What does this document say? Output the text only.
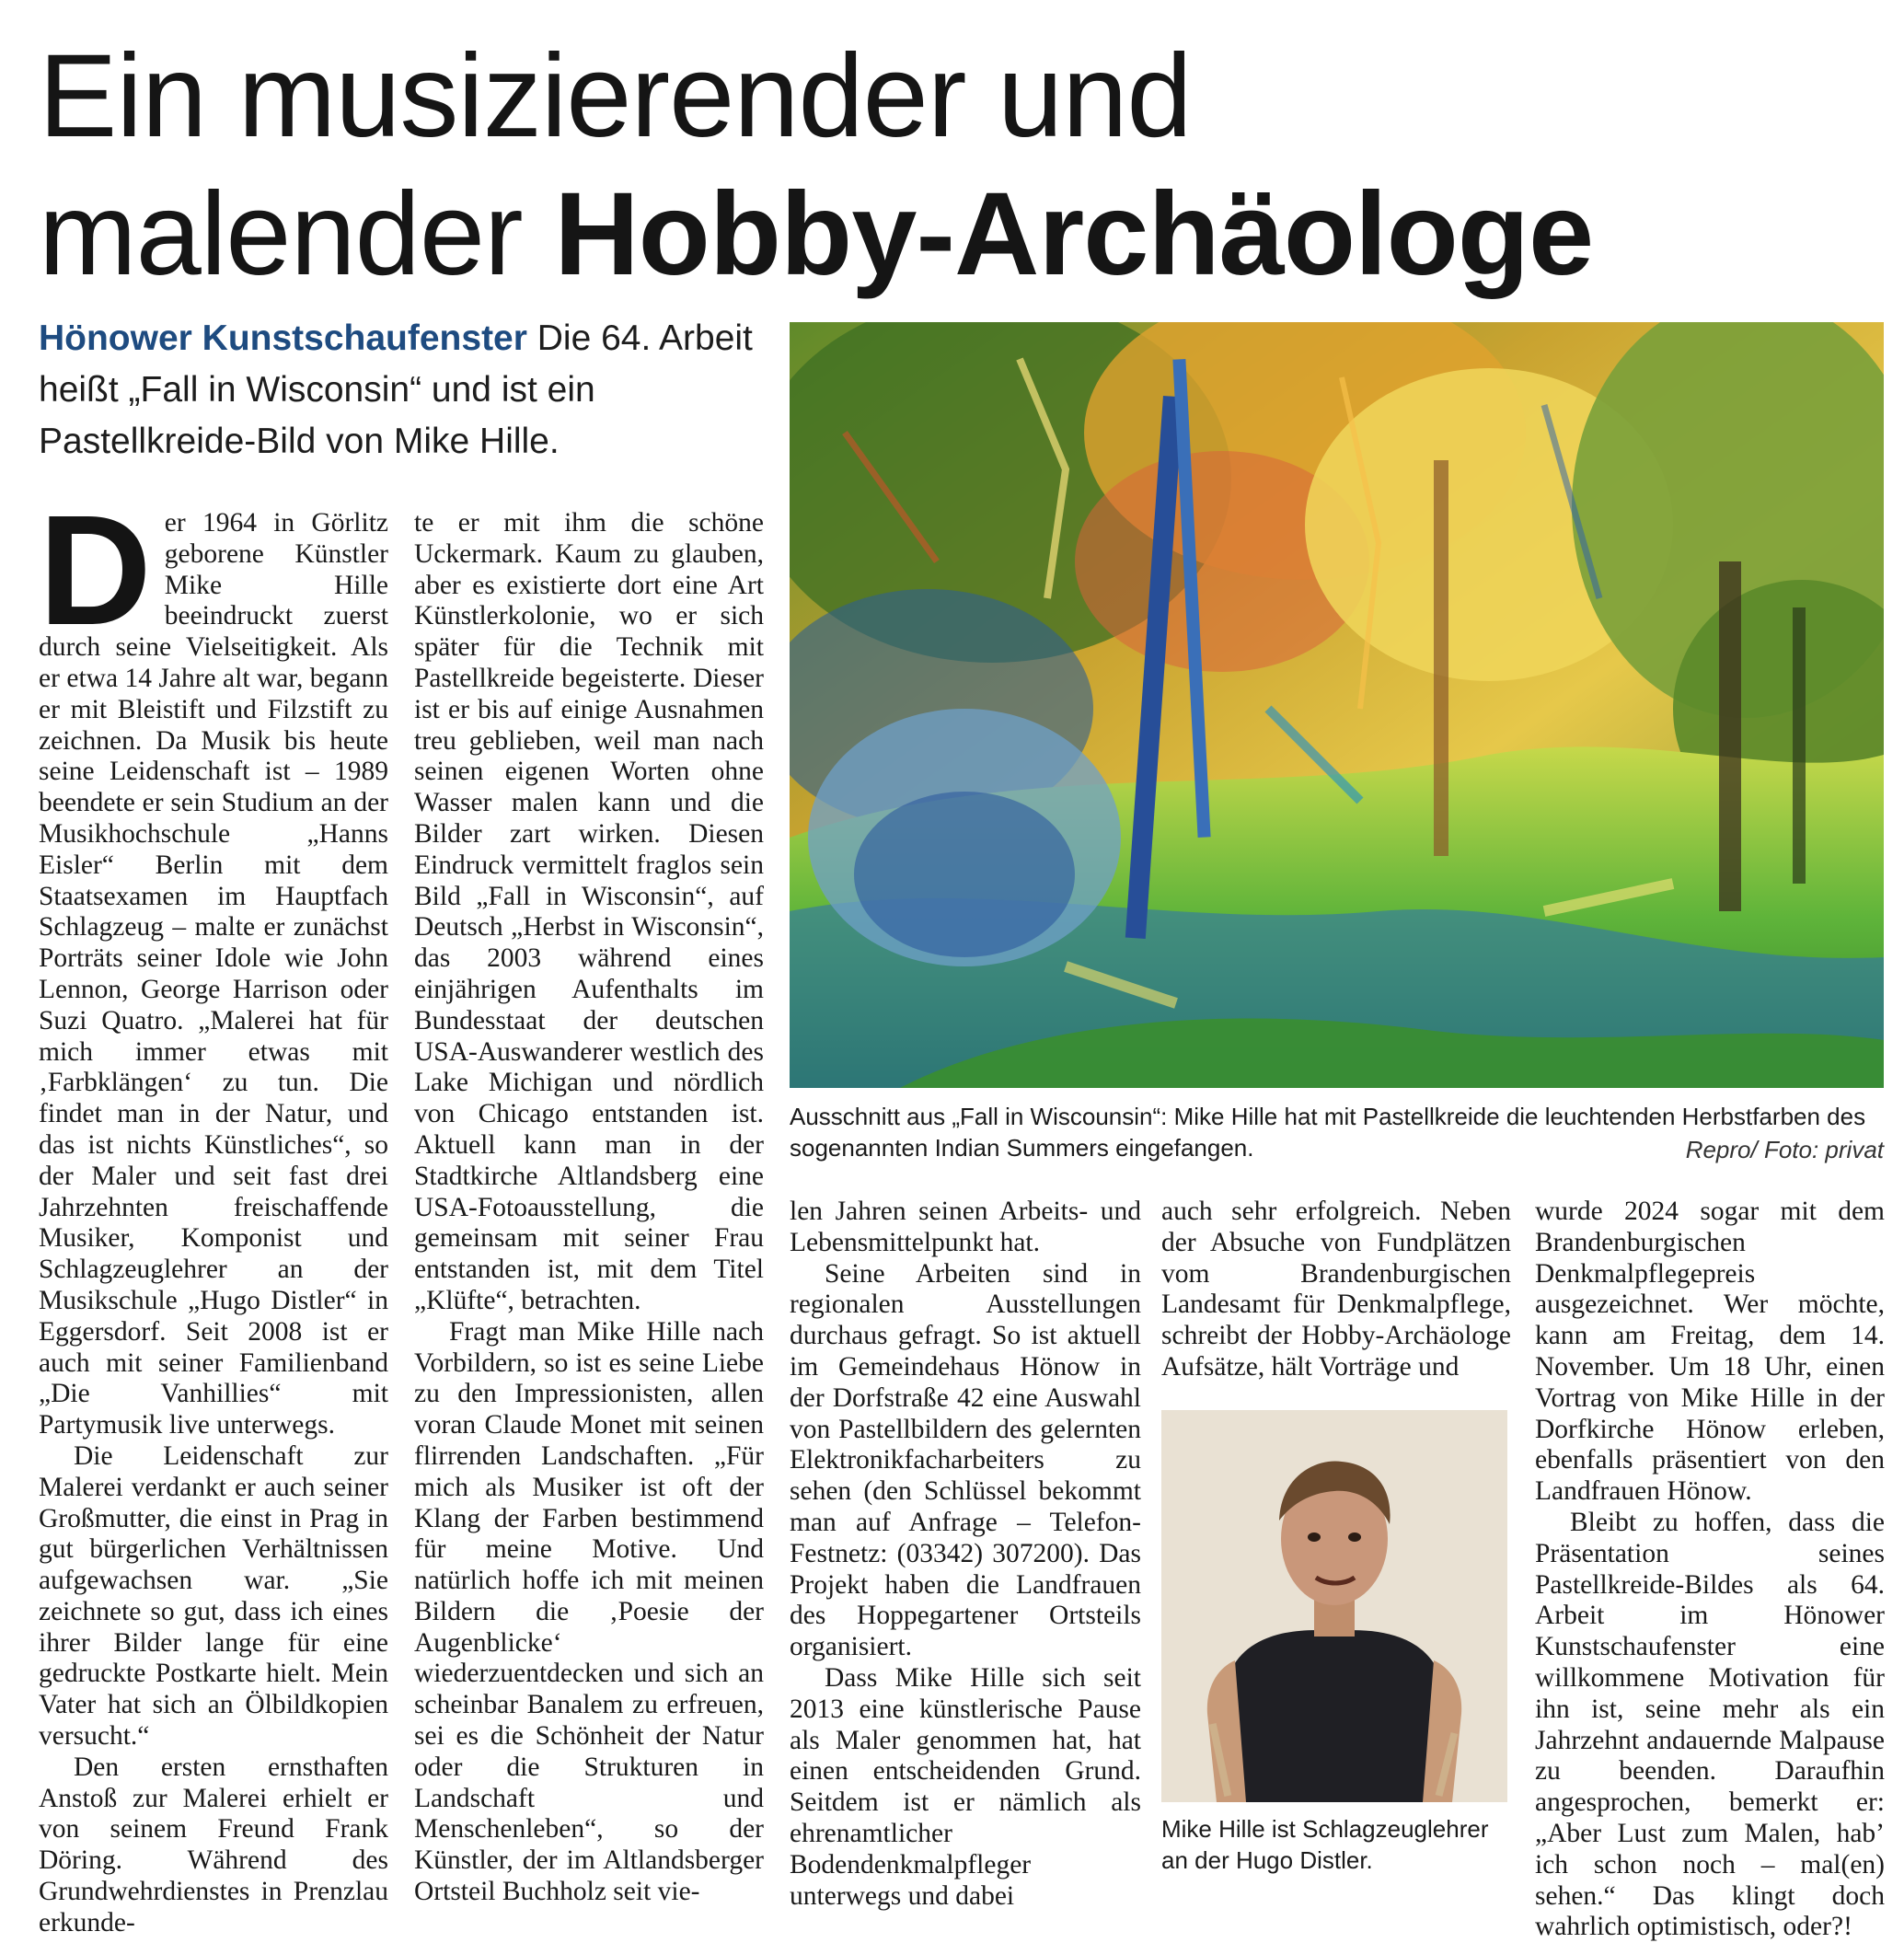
Ein musizierender und
malender Hobby-Archäologe

Hönower Kunstschaufenster Die 64. Arbeit heißt „Fall in Wisconsin“ und ist ein Pastellkreide-Bild von Mike Hille.

Ausschnitt aus „Fall in Wiscounsin“: Mike Hille hat mit Pastellkreide die leuchtenden Herbstfarben des sogenannten Indian Summers eingefangen.	Repro/ Foto: privat
Mike Hille ist Schlagzeuglehrer an der Hugo Distler.

Der 1964 in Görlitz geborene Künstler Mike Hille beeindruckt zuerst durch seine Vielseitigkeit. Als er etwa 14 Jahre alt war, begann er mit Bleistift und Filzstift zu zeichnen. Da Musik bis heute seine Leidenschaft ist – 1989 beendete er sein Studium an der Musikhochschule „Hanns Eisler“ Berlin mit dem Staatsexamen im Hauptfach Schlagzeug – malte er zunächst Porträts seiner Idole wie John Lennon, George Harrison oder Suzi Quatro. „Malerei hat für mich immer etwas mit ‚Farbklängen‘ zu tun. Die findet man in der Natur, und das ist nichts Künstliches“, so der Maler und seit fast drei Jahrzehnten freischaffende Musiker, Komponist und Schlagzeuglehrer an der Musikschule „Hugo Distler“ in Eggersdorf. Seit 2008 ist er auch mit seiner Familienband „Die Vanhillies“ mit Partymusik live unterwegs.

Die Leidenschaft zur Malerei verdankt er auch seiner Großmutter, die einst in Prag in gut bürgerlichen Verhältnissen aufgewachsen war. „Sie zeichnete so gut, dass ich eines ihrer Bilder lange für eine gedruckte Postkarte hielt. Mein Vater hat sich an Ölbildkopien versucht.“

Den ersten ernsthaften Anstoß zur Malerei erhielt er von seinem Freund Frank Döring. Während des Grundwehrdienstes in Prenzlau erkunde-

te er mit ihm die schöne Uckermark. Kaum zu glauben, aber es existierte dort eine Art Künstlerkolonie, wo er sich später für die Technik mit Pastellkreide begeisterte. Dieser ist er bis auf einige Ausnahmen treu geblieben, weil man nach seinen eigenen Worten ohne Wasser malen kann und die Bilder zart wirken. Diesen Eindruck vermittelt fraglos sein Bild „Fall in Wisconsin“, auf Deutsch „Herbst in Wisconsin“, das 2003 während eines einjährigen Aufenthalts im Bundesstaat der deutschen USA-Auswanderer westlich des Lake Michigan und nördlich von Chicago entstanden ist. Aktuell kann man in der Stadtkirche Altlandsberg eine USA-Fotoausstellung, die gemeinsam mit seiner Frau entstanden ist, mit dem Titel „Klüfte“, betrachten.

Fragt man Mike Hille nach Vorbildern, so ist es seine Liebe zu den Impressionisten, allen voran Claude Monet mit seinen flirrenden Landschaften. „Für mich als Musiker ist oft der Klang der Farben bestimmend für meine Motive. Und natürlich hoffe ich mit meinen Bildern die ‚Poesie der Augenblicke‘ wiederzuentdecken und sich an scheinbar Banalem zu erfreuen, sei es die Schönheit der Natur oder die Strukturen in Landschaft und Menschenleben“, so der Künstler, der im Altlandsberger Ortsteil Buchholz seit vie-

len Jahren seinen Arbeits- und Lebensmittelpunkt hat.

Seine Arbeiten sind in regionalen Ausstellungen durchaus gefragt. So ist aktuell im Gemeindehaus Hönow in der Dorfstraße 42 eine Auswahl von Pastellbildern des gelernten Elektronikfacharbeiters zu sehen (den Schlüssel bekommt man auf Anfrage – Telefon-Festnetz: (03342) 307200). Das Projekt haben die Landfrauen des Hoppegartener Ortsteils organisiert.

Dass Mike Hille sich seit 2013 eine künstlerische Pause als Maler genommen hat, hat einen entscheidenden Grund. Seitdem ist er nämlich als ehrenamtlicher Bodendenkmalpfleger unterwegs und dabei

auch sehr erfolgreich. Neben der Absuche von Fundplätzen vom Brandenburgischen Landesamt für Denkmalpflege, schreibt der Hobby-Archäologe Aufsätze, hält Vorträge und

wurde 2024 sogar mit dem Brandenburgischen Denkmalpflegepreis ausgezeichnet. Wer möchte, kann am Freitag, dem 14. November. Um 18 Uhr, einen Vortrag von Mike Hille in der Dorfkirche Hönow erleben, ebenfalls präsentiert von den Landfrauen Hönow.

Bleibt zu hoffen, dass die Präsentation seines Pastellkreide-Bildes als 64. Arbeit im Hönower Kunstschaufenster eine willkommene Motivation für ihn ist, seine mehr als ein Jahrzehnt andauernde Malpause zu beenden. Daraufhin angesprochen, bemerkt er: „Aber Lust zum Malen, hab’ ich schon noch – mal(en) sehen.“ Das klingt doch wahrlich optimistisch, oder?!
